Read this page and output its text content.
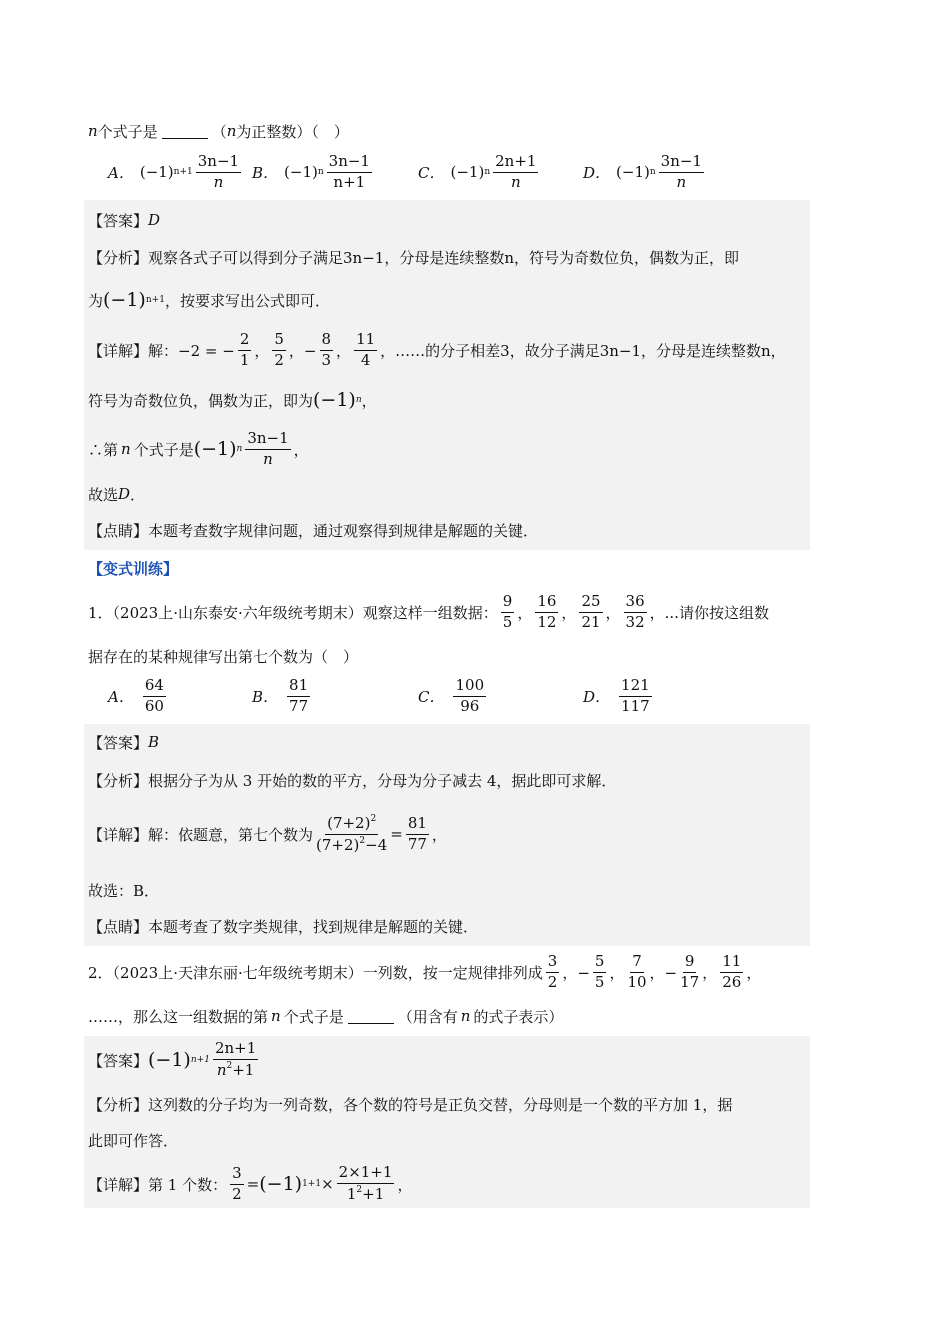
n 个式子是	（ n 为正整数）（　）
A． (−1) $n+1 \frac{3n-1}{n}$ B． (−1) n $\frac{3n-1}{n+1}$	C． (−1) n $\frac{2n+1}{n}$	D． (−1) n $\frac{3n-1}{n}$
【答案】 D
【分析】 观察各式子可以得到分子满足3n−1，分母是连续整数n，符号为奇数位负，偶数为正，即
为 (−1) n+1 ，按要求写出公式即可．
【详解】 解：−2 = − $\frac{2}{1}$ ， $\frac{5}{2}$ ，− $\frac{8}{3}$ ， $\frac{11}{4}$ ，……的分子相差3，故分子满足3n−1，分母是连续整数n，
符号为奇数位负，偶数为正，即为 (−1) n ，
∴第 n 个式子是 (−1) n $\frac{3n-1}{n}$ ，
故选 D ．
【点睛】 本题考查数字规律问题，通过观察得到规律是解题的关键．
【变式训练】
1．（2023上·山东泰安·六年级统考期末）观察这样一组数据： $\frac{9}{5}$ ， $\frac{16}{12}$ ， $\frac{25}{21}$ ， $\frac{36}{32}$ ，...请你按这组数
据存在的某种规律写出第七个数为（　）
A． $\frac{64}{60}$	B． $\frac{81}{77}$	C． $\frac{100}{96}$	D． $\frac{121}{117}$
【答案】 B
【分析】 根据分子为从 3 开始的数的平方，分母为分子减去 4，据此即可求解．
【详解】 解：依题意，第七个数为 $\frac{(7+2)^2}{(7+2)^2-4} = \frac{81}{77}$ ，
故选：B．
【点睛】 本题考查了数字类规律，找到规律是解题的关键．
2．（2023上·天津东丽·七年级统考期末）一列数，按一定规律排列成 $\frac{3}{2}$ ，− $\frac{5}{5}$ ， $\frac{7}{10}$ ，− $\frac{9}{17}$ ， $\frac{11}{26}$ ，
……，那么这一组数据的第 n 个式子是	（用含有 n 的式子表示）
【答案】 (−1) $n+1 \frac{2n+1}{n^2+1}$
【分析】 这列数的分子均为一列奇数，各个数的符号是正负交替，分母则是一个数的平方加 1，据
此即可作答．
【详解】 第 1 个数： $\frac{3}{2} = (-1) 1+1 \times \frac{2\times 1+1}{1^2+1}$ ，
